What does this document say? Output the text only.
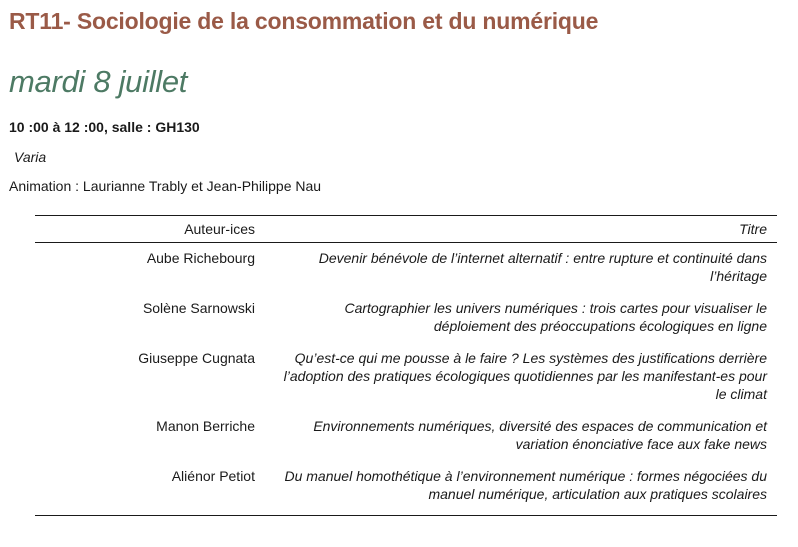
RT11- Sociologie de la consommation et du numérique
mardi 8 juillet
10 :00 à 12 :00, salle : GH130
Varia
Animation : Laurianne Trably et Jean-Philippe Nau
Auteur-ices	Titre
Aube Richebourg	Devenir bénévole de l’internet alternatif : entre rupture et continuité dans l’héritage
Solène Sarnowski	Cartographier les univers numériques : trois cartes pour visualiser le déploiement des préoccupations écologiques en ligne
Giuseppe Cugnata	Qu’est-ce qui me pousse à le faire ? Les systèmes des justifications derrière l’adoption des pratiques écologiques quotidiennes par les manifestant-es pour le climat
Manon Berriche	Environnements numériques, diversité des espaces de communication et variation énonciative face aux fake news
Aliénor Petiot	Du manuel homothétique à l’environnement numérique : formes négociées du manuel numérique, articulation aux pratiques scolaires
